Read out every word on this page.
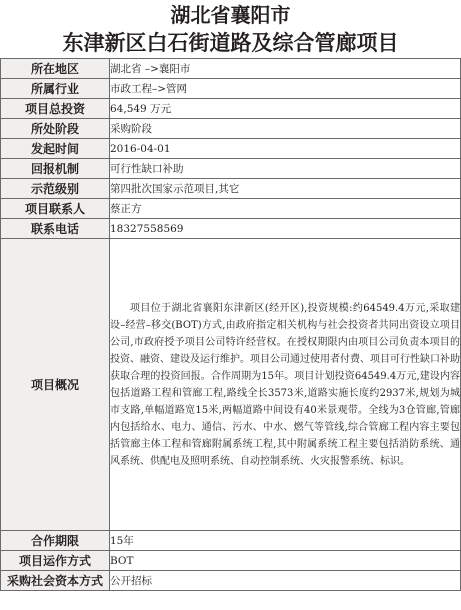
湖北省襄阳市
东津新区白石街道路及综合管廊项目
所在地区	湖北省 –>襄阳市
所属行业	市政工程–>管网
项目总投资	64,549 万元
所处阶段	采购阶段
发起时间	2016-04-01
回报机制	可行性缺口补助
示范级别	第四批次国家示范项目,其它
项目联系人	蔡正方
联系电话	18327558569
项目概况	项目位于湖北省襄阳东津新区(经开区),投资规模:约64549.4万元,采取建设–经营–移交(BOT)方式,由政府指定相关机构与社会投资者共同出资设立项目公司,市政府授予项目公司特许经营权。在授权期限内由项目公司负责本项目的投资、融资、建设及运行维护。项目公司通过使用者付费、项目可行性缺口补助获取合理的投资回报。合作周期为15年。项目计划投资64549.4万元,建设内容包括道路工程和管廊工程,路线全长3573米,道路实施长度约2937米,规划为城市支路,单幅道路宽15米,两幅道路中间设有40米景观带。全线为3仓管廊,管廊内包括给水、电力、通信、污水、中水、燃气等管线,综合管廊工程内容主要包括管廊主体工程和管廊附属系统工程,其中附属系统工程主要包括消防系统、通风系统、供配电及照明系统、自动控制系统、火灾报警系统、标识。

合作期限	15年
项目运作方式	BOT
采购社会资本方式	公开招标
